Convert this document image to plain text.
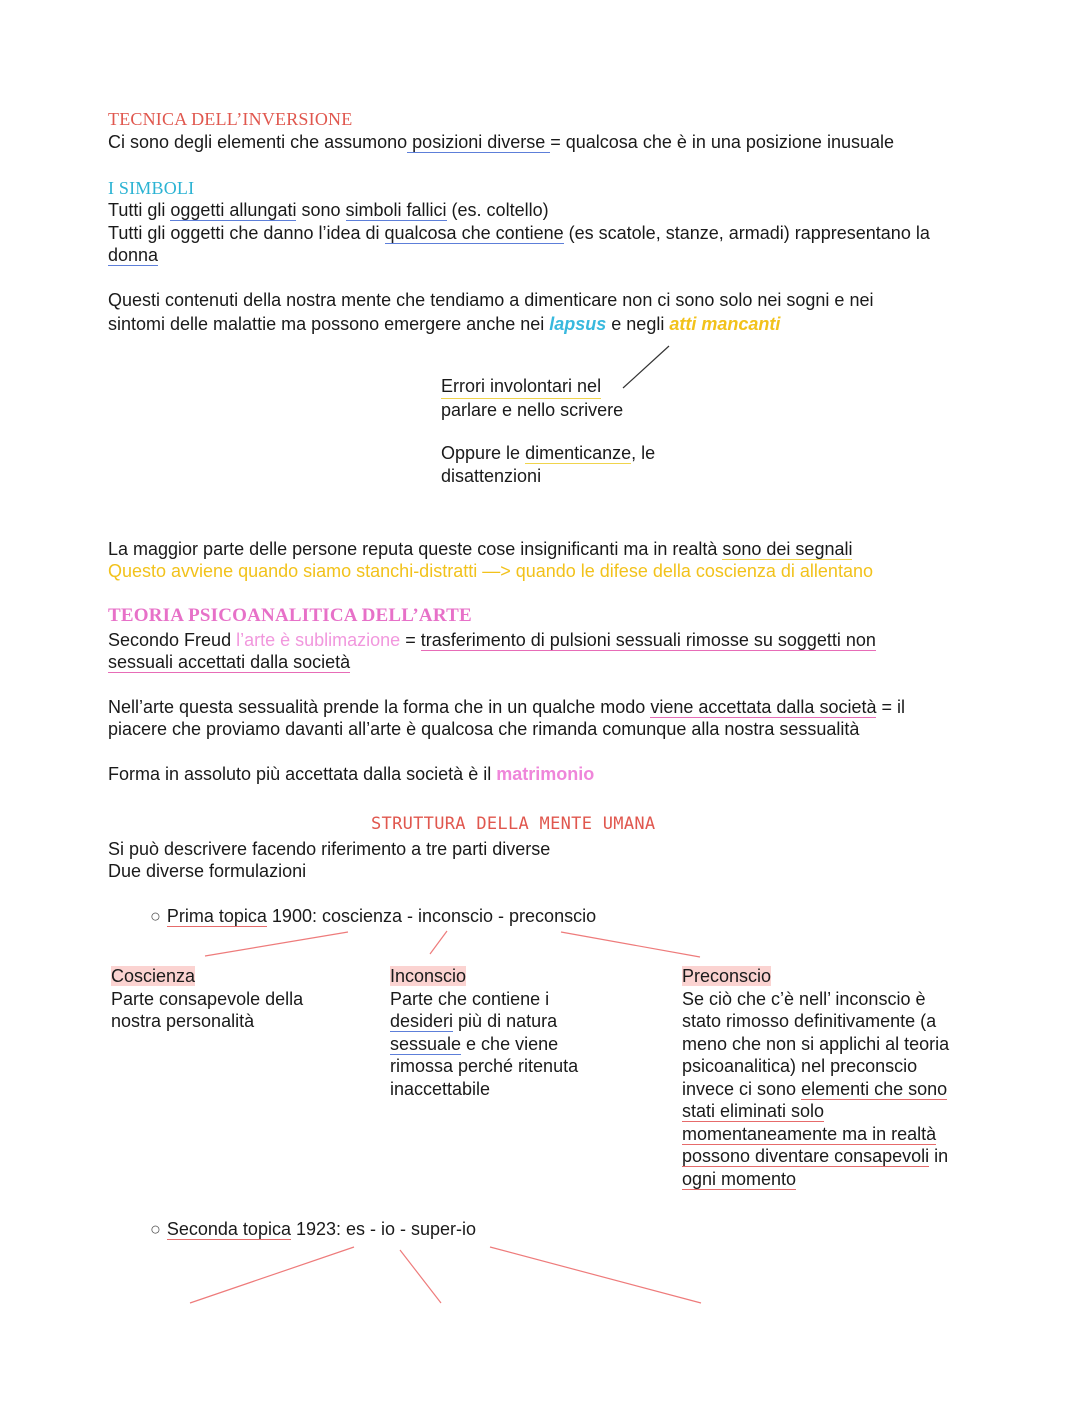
TECNICA DELL’INVERSIONE
Ci sono degli elementi che assumono posizioni diverse = qualcosa che è in una posizione inusuale
I SIMBOLI
Tutti gli oggetti allungati sono simboli fallici (es. coltello)
Tutti gli oggetti che danno l’idea di qualcosa che contiene (es scatole, stanze, armadi) rappresentano la
donna
Questi contenuti della nostra mente che tendiamo a dimenticare non ci sono solo nei sogni e nei
sintomi delle malattie ma possono emergere anche nei lapsus e negli atti mancanti
Errori involontari nel
parlare e nello scrivere
Oppure le dimenticanze, le
disattenzioni
La maggior parte delle persone reputa queste cose insignificanti ma in realtà sono dei segnali
Questo avviene quando siamo stanchi-distratti —> quando le difese della coscienza di allentano
TEORIA PSICOANALITICA DELL’ARTE
Secondo Freud l’arte è sublimazione = trasferimento di pulsioni sessuali rimosse su soggetti non
sessuali accettati dalla società
Nell’arte questa sessualità prende la forma che in un qualche modo viene accettata dalla società = il
piacere che proviamo davanti all’arte è qualcosa che rimanda comunque alla nostra sessualità
Forma in assoluto più accettata dalla società è il matrimonio
STRUTTURA DELLA MENTE UMANA
Si può descrivere facendo riferimento a tre parti diverse
Due diverse formulazioni
○ Prima topica 1900: coscienza - inconscio - preconscio
Coscienza
Parte consapevole della
nostra personalità
Inconscio
Parte che contiene i
desideri più di natura
sessuale e che viene
rimossa perché ritenuta
inaccettabile
Preconscio
Se ciò che c’è nell’ inconscio è
stato rimosso definitivamente (a
meno che non si applichi al teoria
psicoanalitica) nel preconscio
invece ci sono elementi che sono
stati eliminati solo
momentaneamente ma in realtà
possono diventare consapevoli in
ogni momento
○ Seconda topica 1923: es - io - super-io
